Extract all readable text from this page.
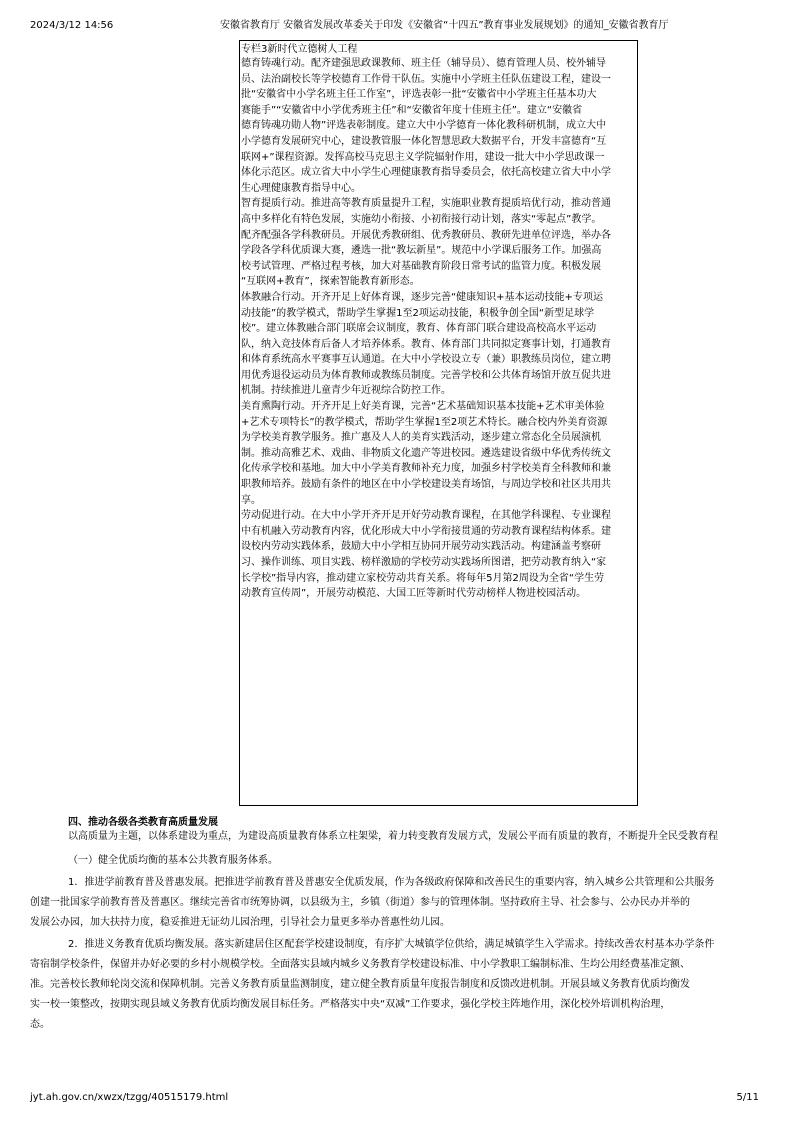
2024/3/12 14:56	安徽省教育厅 安徽省发展改革委关于印发《安徽省“十四五”教育事业发展规划》的通知_安徽省教育厅
专栏3新时代立德树人工程
德育铸魂行动。配齐建强思政课教师、班主任（辅导员）、德育管理人员、校外辅导
员、法治副校长等学校德育工作骨干队伍。实施中小学班主任队伍建设工程，建设一
批“安徽省中小学名班主任工作室”，评选表彰一批“安徽省中小学班主任基本功大
赛能手”“安徽省中小学优秀班主任”和“安徽省年度十佳班主任”。建立“安徽省
德育铸魂功勋人物”评选表彰制度。建立大中小学德育一体化教科研机制，成立大中
小学德育发展研究中心，建设教管服一体化智慧思政大数据平台，开发丰富德育“互
联网+”课程资源。发挥高校马克思主义学院辐射作用，建设一批大中小学思政课一
体化示范区。成立省大中小学生心理健康教育指导委员会，依托高校建立省大中小学
生心理健康教育指导中心。
智育提质行动。推进高等教育质量提升工程，实施职业教育提质培优行动，推动普通
高中多样化有特色发展，实施幼小衔接、小初衔接行动计划，落实“零起点”教学。
配齐配强各学科教研员。开展优秀教研组、优秀教研员、教研先进单位评选，举办各
学段各学科优质课大赛，遴选一批“教坛新星”。规范中小学课后服务工作。加强高
校考试管理、严格过程考核，加大对基础教育阶段日常考试的监管力度。积极发展
“互联网+教育”，探索智能教育新形态。
体教融合行动。开齐开足上好体育课，逐步完善“健康知识+基本运动技能+专项运
动技能”的教学模式，帮助学生掌握1至2项运动技能，积极争创全国“新型足球学
校”。建立体教融合部门联席会议制度，教育、体育部门联合建设高校高水平运动
队，纳入竞技体育后备人才培养体系。教育、体育部门共同拟定赛事计划，打通教育
和体育系统高水平赛事互认通道。在大中小学校设立专（兼）职教练员岗位，建立聘
用优秀退役运动员为体育教师或教练员制度。完善学校和公共体育场馆开放互促共进
机制。持续推进儿童青少年近视综合防控工作。
美育熏陶行动。开齐开足上好美育课，完善“艺术基础知识基本技能+艺术审美体验
+艺术专项特长”的教学模式，帮助学生掌握1至2项艺术特长。融合校内外美育资源
为学校美育教学服务。推广惠及人人的美育实践活动，逐步建立常态化全员展演机
制。推动高雅艺术、戏曲、非物质文化遗产等进校园。遴选建设省级中华优秀传统文
化传承学校和基地。加大中小学美育教师补充力度，加强乡村学校美育全科教师和兼
职教师培养。鼓励有条件的地区在中小学校建设美育场馆，与周边学校和社区共用共
享。
劳动促进行动。在大中小学开齐开足开好劳动教育课程，在其他学科课程、专业课程
中有机融入劳动教育内容，优化形成大中小学衔接贯通的劳动教育课程结构体系。建
设校内劳动实践体系，鼓励大中小学相互协同开展劳动实践活动。构建涵盖考察研
习、操作训练、项目实践、榜样激励的学校劳动实践场所图谱，把劳动教育纳入“家
长学校”指导内容，推动建立家校劳动共育关系。将每年5月第2周设为全省“学生劳
动教育宣传周”，开展劳动模范、大国工匠等新时代劳动榜样人物进校园活动。
四、推动各级各类教育高质量发展
以高质量为主题，以体系建设为重点，为建设高质量教育体系立柱架梁，着力转变教育发展方式，发展公平而有质量的教育，不断提升全民受教育程
（一）健全优质均衡的基本公共教育服务体系。
1．推进学前教育普及普惠发展。把推进学前教育普及普惠安全优质发展，作为各级政府保障和改善民生的重要内容，纳入城乡公共管理和公共服务
创建一批国家学前教育普及普惠区。继续完善省市统筹协调，以县级为主，乡镇（街道）参与的管理体制。坚持政府主导、社会参与、公办民办并举的
发展公办园，加大扶持力度，稳妥推进无证幼儿园治理，引导社会力量更多举办普惠性幼儿园。
2．推进义务教育优质均衡发展。落实新建居住区配套学校建设制度，有序扩大城镇学位供给，满足城镇学生入学需求。持续改善农村基本办学条件
寄宿制学校条件，保留并办好必要的乡村小规模学校。全面落实县域内城乡义务教育学校建设标准、中小学教职工编制标准、生均公用经费基准定额、
准。完善校长教师轮岗交流和保障机制。完善义务教育质量监测制度，建立健全教育质量年度报告制度和反馈改进机制。开展县域义务教育优质均衡发
实一校一策整改，按期实现县域义务教育优质均衡发展目标任务。严格落实中央“双减”工作要求，强化学校主阵地作用，深化校外培训机构治理，
态。
jyt.ah.gov.cn/xwzx/tzgg/40515179.html	5/11
